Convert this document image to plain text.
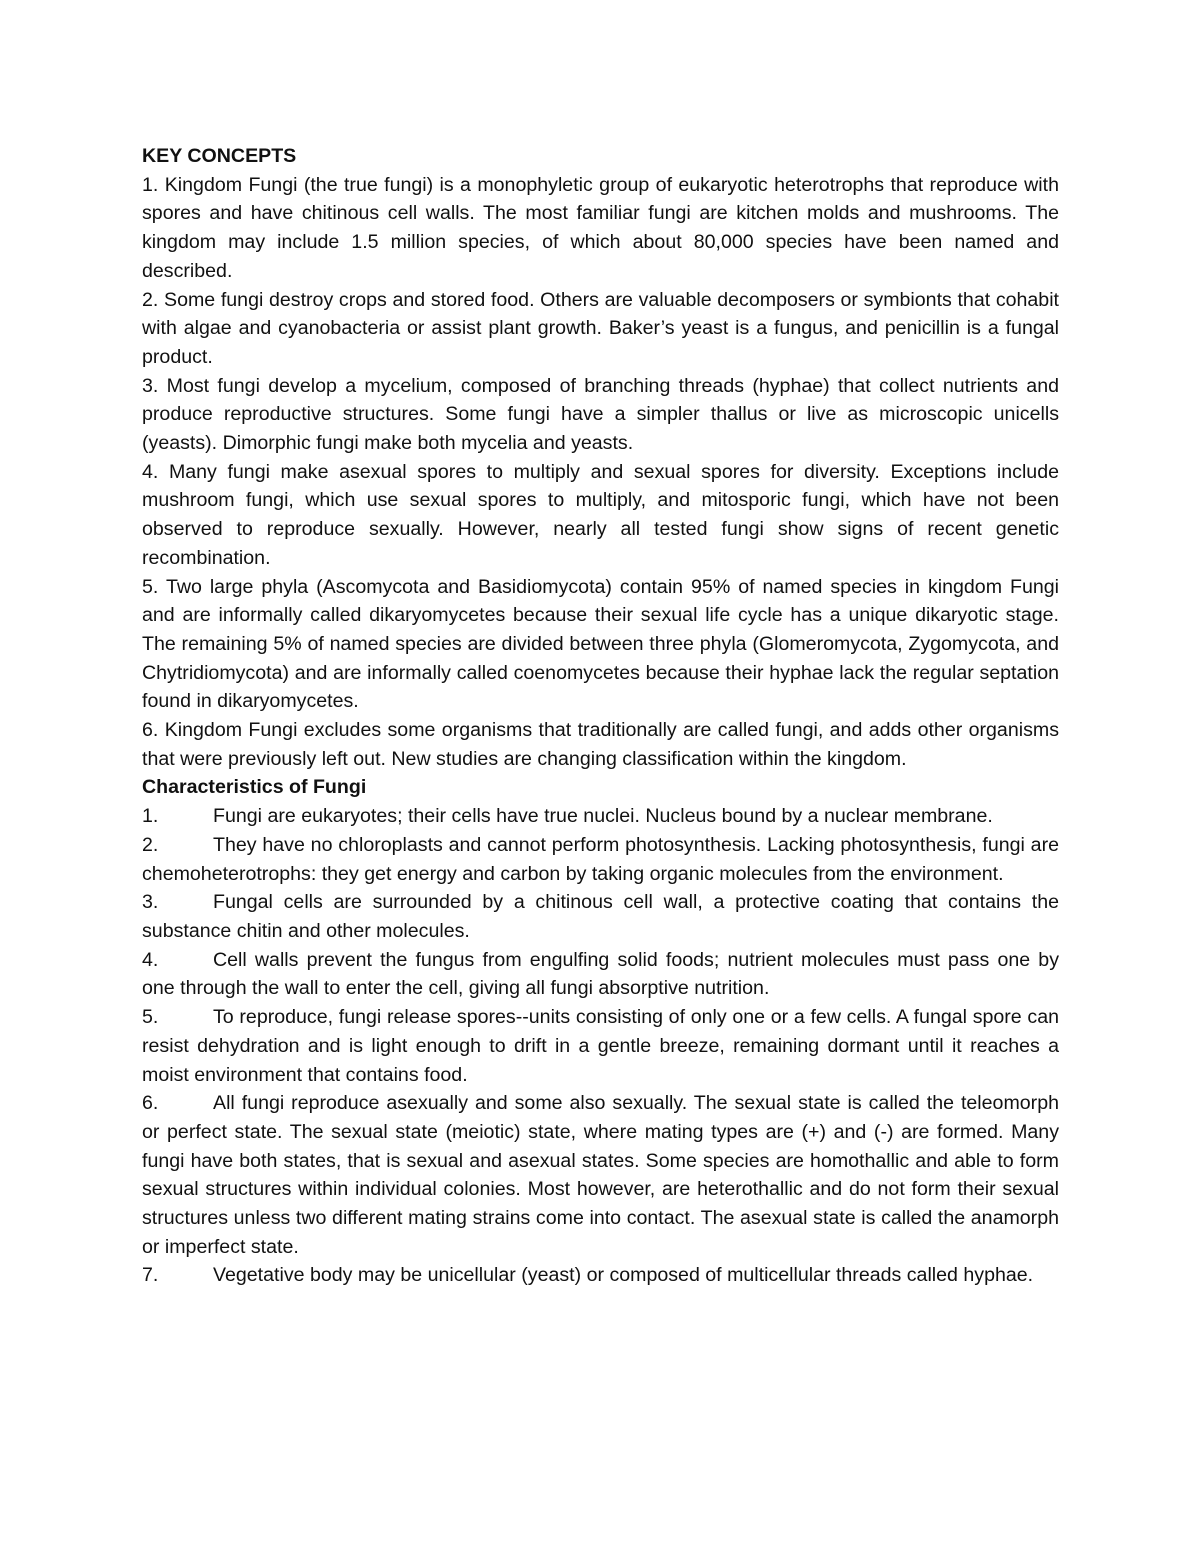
KEY CONCEPTS

1. Kingdom Fungi (the true fungi) is a monophyletic group of eukaryotic heterotrophs that reproduce with spores and have chitinous cell walls. The most familiar fungi are kitchen molds and mushrooms. The kingdom may include 1.5 million species, of which about 80,000 species have been named and described.

2. Some fungi destroy crops and stored food. Others are valuable decomposers or symbionts that cohabit with algae and cyanobacteria or assist plant growth. Baker’s yeast is a fungus, and penicillin is a fungal product.

3. Most fungi develop a mycelium, composed of branching threads (hyphae) that collect nutrients and produce reproductive structures. Some fungi have a simpler thallus or live as microscopic unicells (yeasts). Dimorphic fungi make both mycelia and yeasts.

4. Many fungi make asexual spores to multiply and sexual spores for diversity. Exceptions include mushroom fungi, which use sexual spores to multiply, and mitosporic fungi, which have not been observed to reproduce sexually. However, nearly all tested fungi show signs of recent genetic recombination.

5. Two large phyla (Ascomycota and Basidiomycota) contain 95% of named species in kingdom Fungi and are informally called dikaryomycetes because their sexual life cycle has a unique dikaryotic stage. The remaining 5% of named species are divided between three phyla (Glomeromycota, Zygomycota, and Chytridiomycota) and are informally called coenomycetes because their hyphae lack the regular septation found in dikaryomycetes.

6. Kingdom Fungi excludes some organisms that traditionally are called fungi, and adds other organisms that were previously left out. New studies are changing classification within the kingdom.

Characteristics of Fungi

1.	Fungi are eukaryotes; their cells have true nuclei. Nucleus bound by a nuclear membrane.

2.	They have no chloroplasts and cannot perform photosynthesis. Lacking photosynthesis, fungi are chemoheterotrophs: they get energy and carbon by taking organic molecules from the environment.

3.	Fungal cells are surrounded by a chitinous cell wall, a protective coating that contains the substance chitin and other molecules.

4.	Cell walls prevent the fungus from engulfing solid foods; nutrient molecules must pass one by one through the wall to enter the cell, giving all fungi absorptive nutrition.

5.	To reproduce, fungi release spores--units consisting of only one or a few cells. A fungal spore can resist dehydration and is light enough to drift in a gentle breeze, remaining dormant until it reaches a moist environment that contains food.

6.	All fungi reproduce asexually and some also sexually. The sexual state is called the teleomorph or perfect state. The sexual state (meiotic) state, where mating types are (+) and (-) are formed. Many fungi have both states, that is sexual and asexual states. Some species are homothallic and able to form sexual structures within individual colonies. Most however, are heterothallic and do not form their sexual structures unless two different mating strains come into contact. The asexual state is called the anamorph or imperfect state.

7.	Vegetative body may be unicellular (yeast) or composed of multicellular threads called hyphae.
